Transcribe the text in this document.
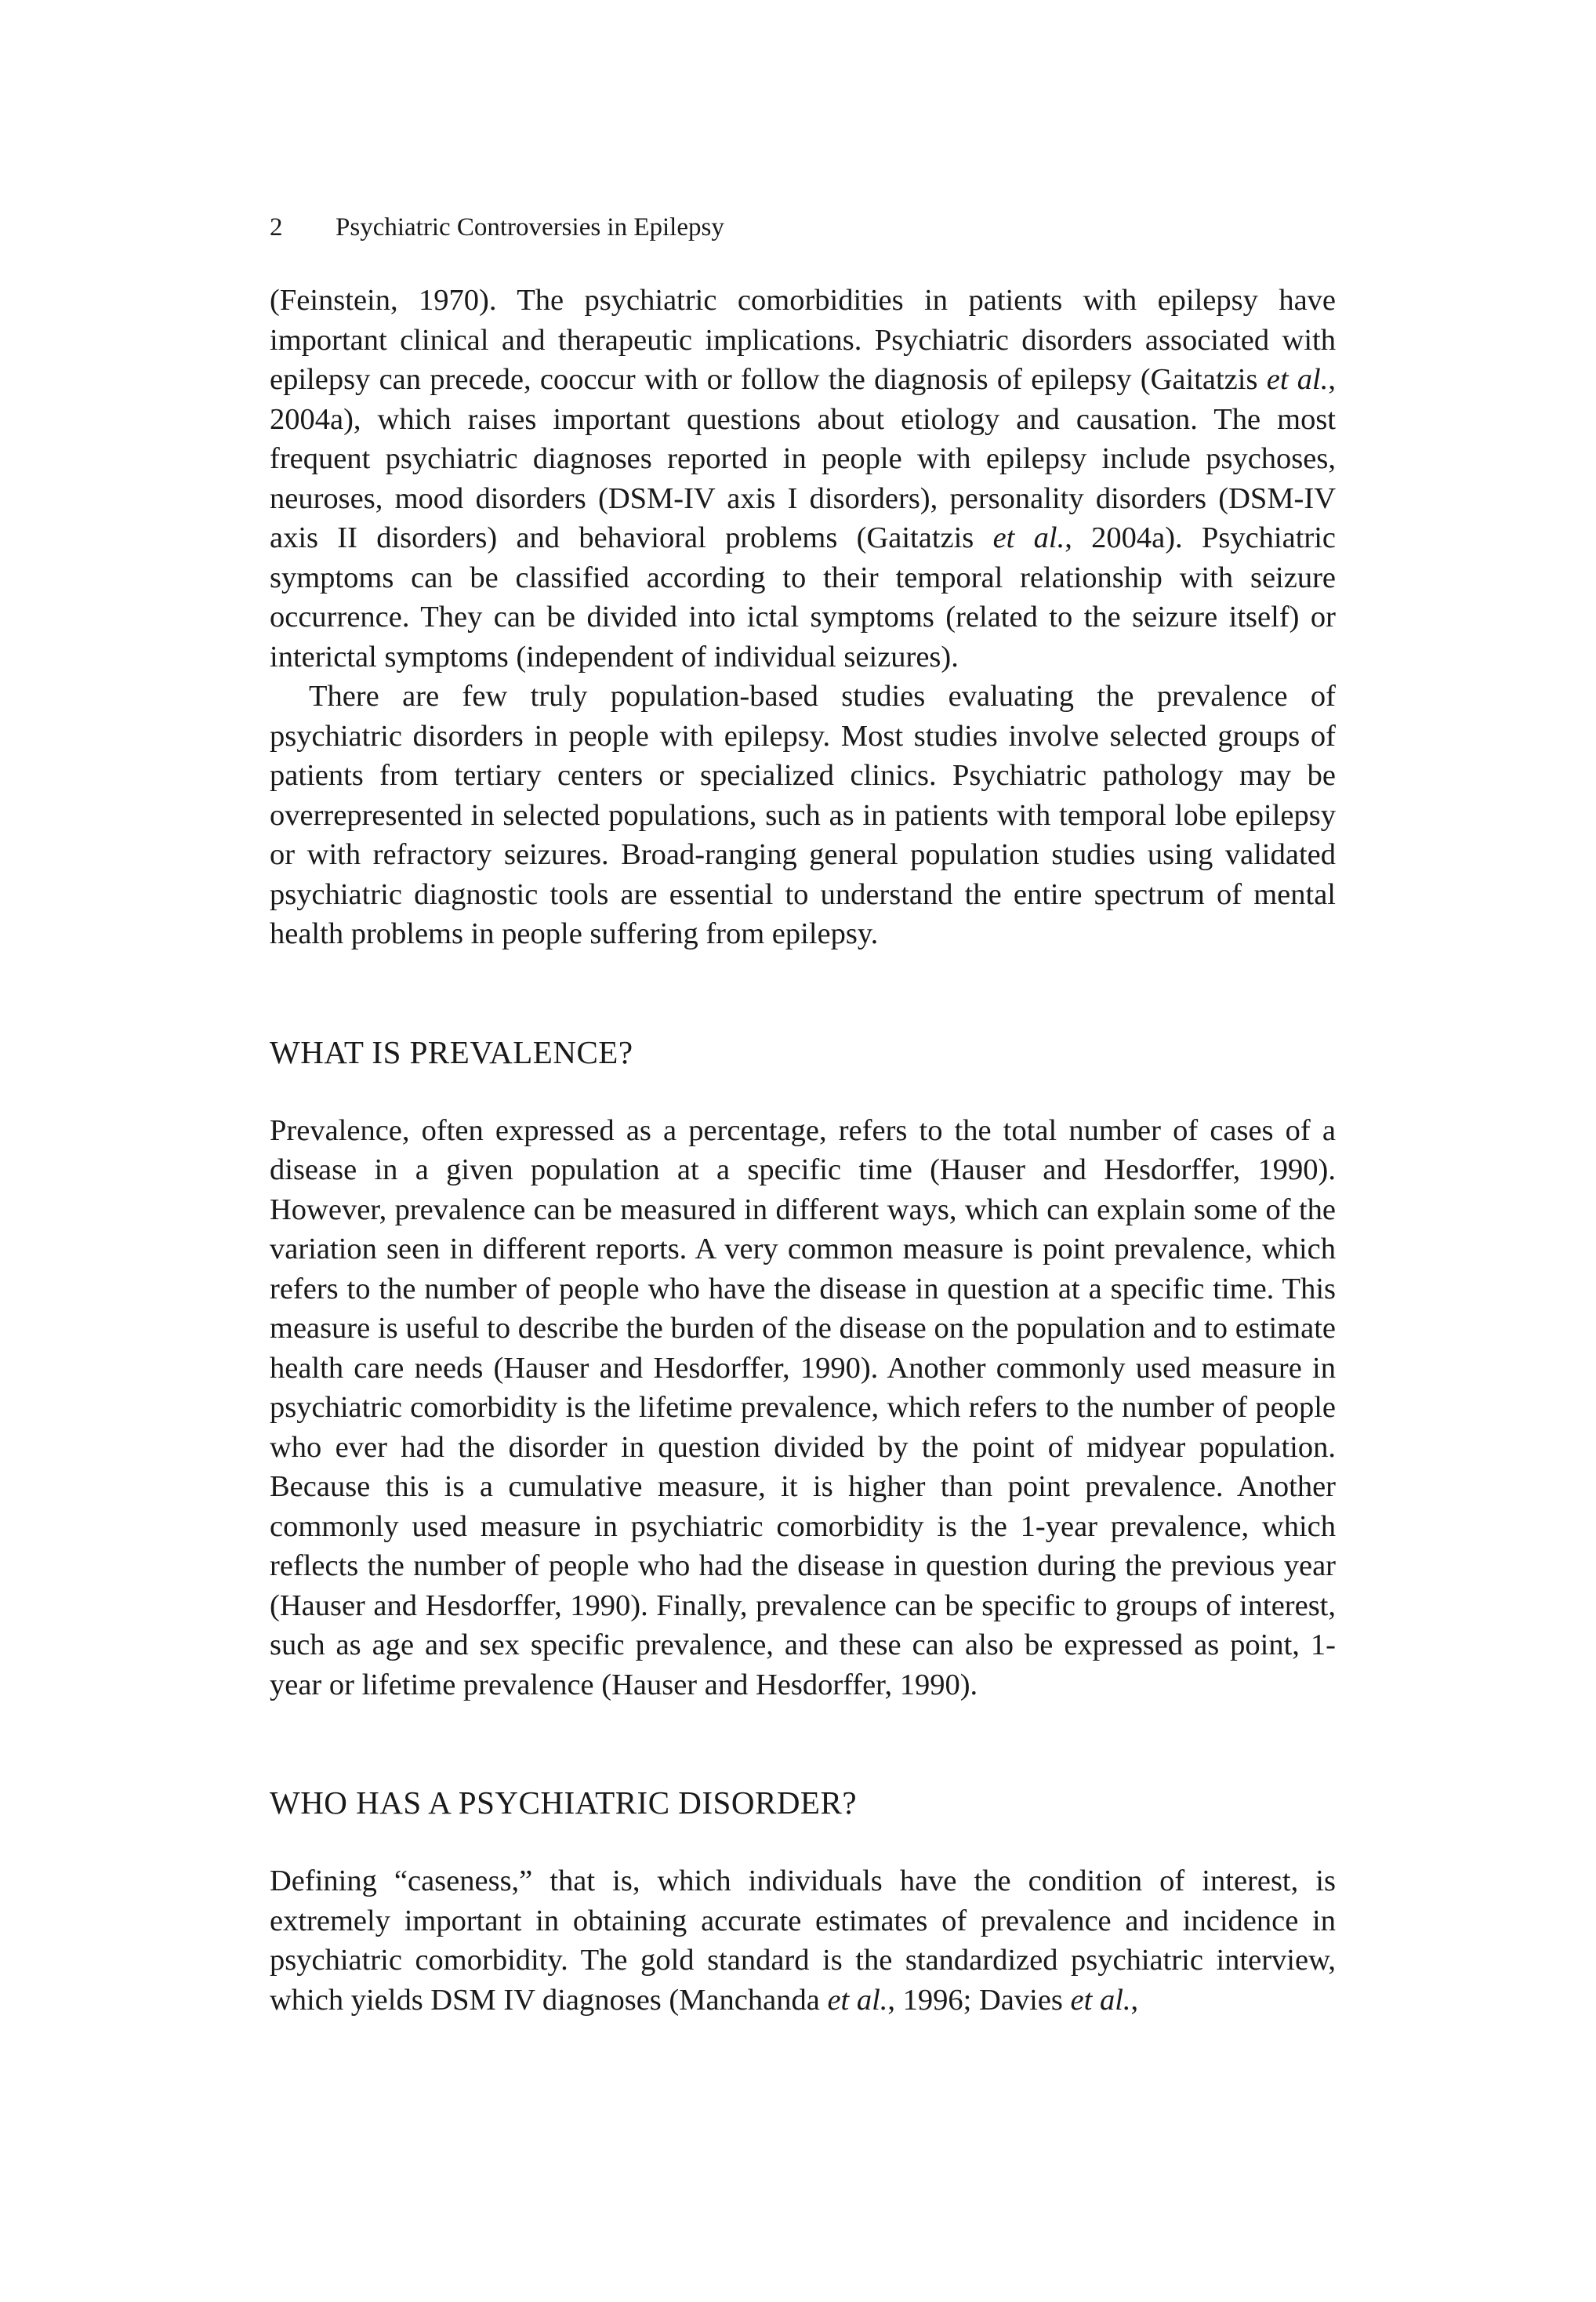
2 Psychiatric Controversies in Epilepsy

(Feinstein, 1970). The psychiatric comorbidities in patients with epilepsy have important clinical and therapeutic implications. Psychiatric disorders associated with epilepsy can precede, cooccur with or follow the diagnosis of epilepsy (Gaitatzis et al., 2004a), which raises important questions about etiology and causation. The most frequent psychiatric diagnoses reported in people with epilepsy include psychoses, neuroses, mood disorders (DSM-IV axis I disorders), personality disorders (DSM-IV axis II disorders) and behavioral problems (Gaitatzis et al., 2004a). Psychiatric symptoms can be classified according to their temporal relationship with seizure occurrence. They can be divided into ictal symptoms (related to the seizure itself) or interictal symptoms (independent of individual seizures).

There are few truly population-based studies evaluating the prevalence of psychiatric disorders in people with epilepsy. Most studies involve selected groups of patients from tertiary centers or specialized clinics. Psychiatric pathology may be overrepresented in selected populations, such as in patients with temporal lobe epilepsy or with refractory seizures. Broad-ranging general population studies using validated psychiatric diagnostic tools are essential to understand the entire spectrum of mental health problems in people suffering from epilepsy.

WHAT IS PREVALENCE?

Prevalence, often expressed as a percentage, refers to the total number of cases of a disease in a given population at a specific time (Hauser and Hesdorffer, 1990). However, prevalence can be measured in different ways, which can explain some of the variation seen in different reports. A very common measure is point prevalence, which refers to the number of people who have the disease in question at a specific time. This measure is useful to describe the burden of the disease on the population and to estimate health care needs (Hauser and Hesdorffer, 1990). Another commonly used measure in psychiatric comorbidity is the lifetime prevalence, which refers to the number of people who ever had the disorder in question divided by the point of midyear population. Because this is a cumulative measure, it is higher than point prevalence. Another commonly used measure in psychiatric comorbidity is the 1-year prevalence, which reflects the number of people who had the disease in question during the previous year (Hauser and Hesdorffer, 1990). Finally, prevalence can be specific to groups of interest, such as age and sex specific prevalence, and these can also be expressed as point, 1-year or lifetime prevalence (Hauser and Hesdorffer, 1990).

WHO HAS A PSYCHIATRIC DISORDER?

Defining “caseness,” that is, which individuals have the condition of interest, is extremely important in obtaining accurate estimates of prevalence and incidence in psychiatric comorbidity. The gold standard is the standardized psychiatric interview, which yields DSM IV diagnoses (Manchanda et al., 1996; Davies et al.,
